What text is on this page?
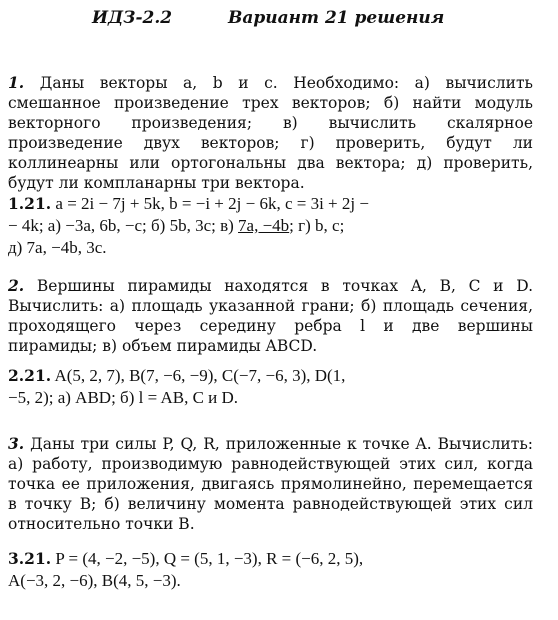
ИДЗ-2.2	Вариант 21 решения
1. Даны векторы a, b и c. Необходимо: а) вычислить смешанное произведение трех векторов; б) найти модуль векторного произведения; в) вычислить скалярное произведение двух векторов; г) проверить, будут ли коллинеарны или ортогональны два вектора; д) проверить, будут ли компланарны три вектора.
1.21. a = 2i − 7j + 5k, b = −i + 2j − 6k, c = 3i + 2j −
− 4k; а) −3a, 6b, −c; б) 5b, 3c; в) 7a, −4b; г) b, c;
д) 7a, −4b, 3c.
2. Вершины пирамиды находятся в точках A, B, C и D. Вычислить: а) площадь указанной грани; б) площадь сечения, проходящего через середину ребра l и две вершины пирамиды; в) объем пирамиды ABCD.
2.21. A(5, 2, 7), B(7, −6, −9), C(−7, −6, 3), D(1,
−5, 2); а) ABD; б) l = AB, C и D.
3. Даны три силы P, Q, R, приложенные к точке A. Вычислить: а) работу, производимую равнодействующей этих сил, когда точка ее приложения, двигаясь прямолинейно, перемещается в точку B; б) величину момента равнодействующей этих сил относительно точки B.
3.21. P = (4, −2, −5), Q = (5, 1, −3), R = (−6, 2, 5),
A(−3, 2, −6), B(4, 5, −3).
